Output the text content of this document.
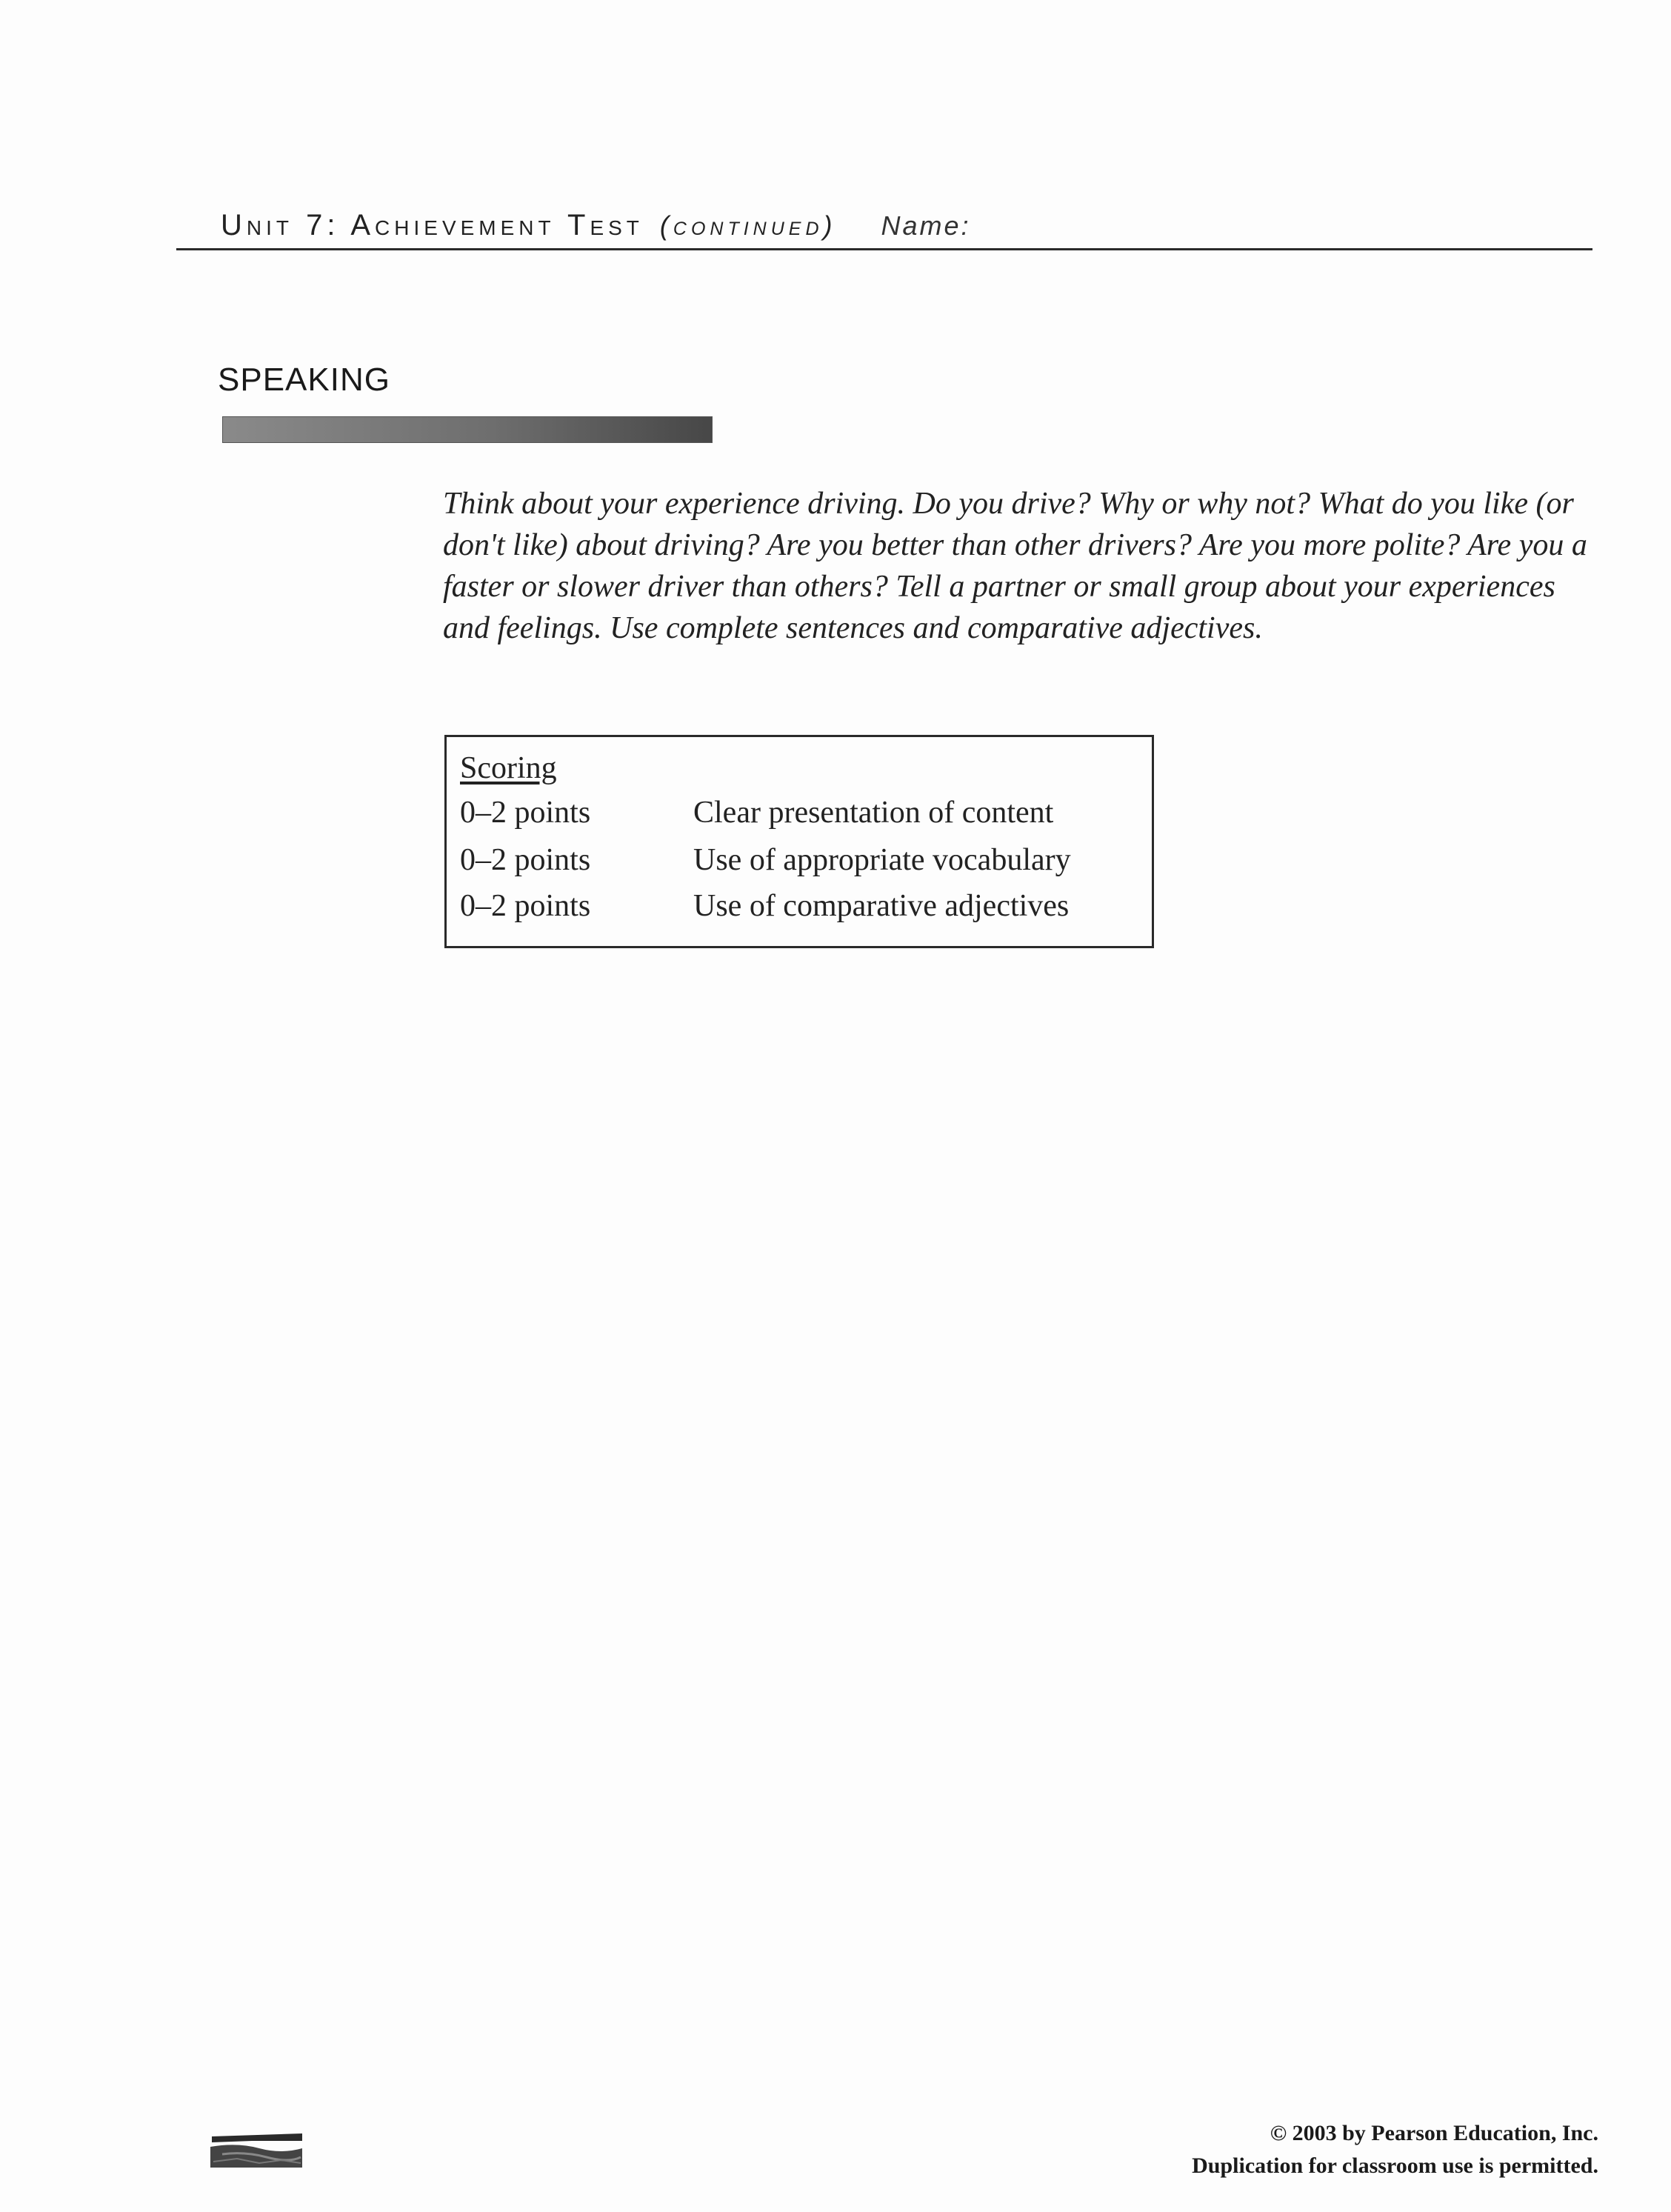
Unit 7: Achievement Test (continued) Name:
SPEAKING
Think about your experience driving. Do you drive? Why or why not? What do you like (or don't like) about driving? Are you better than other drivers? Are you more polite? Are you a faster or slower driver than others? Tell a partner or small group about your experiences and feelings. Use complete sentences and comparative adjectives.
Scoring
0–2 points	Clear presentation of content
0–2 points	Use of appropriate vocabulary
0–2 points	Use of comparative adjectives
© 2003 by Pearson Education, Inc.
Duplication for classroom use is permitted.
